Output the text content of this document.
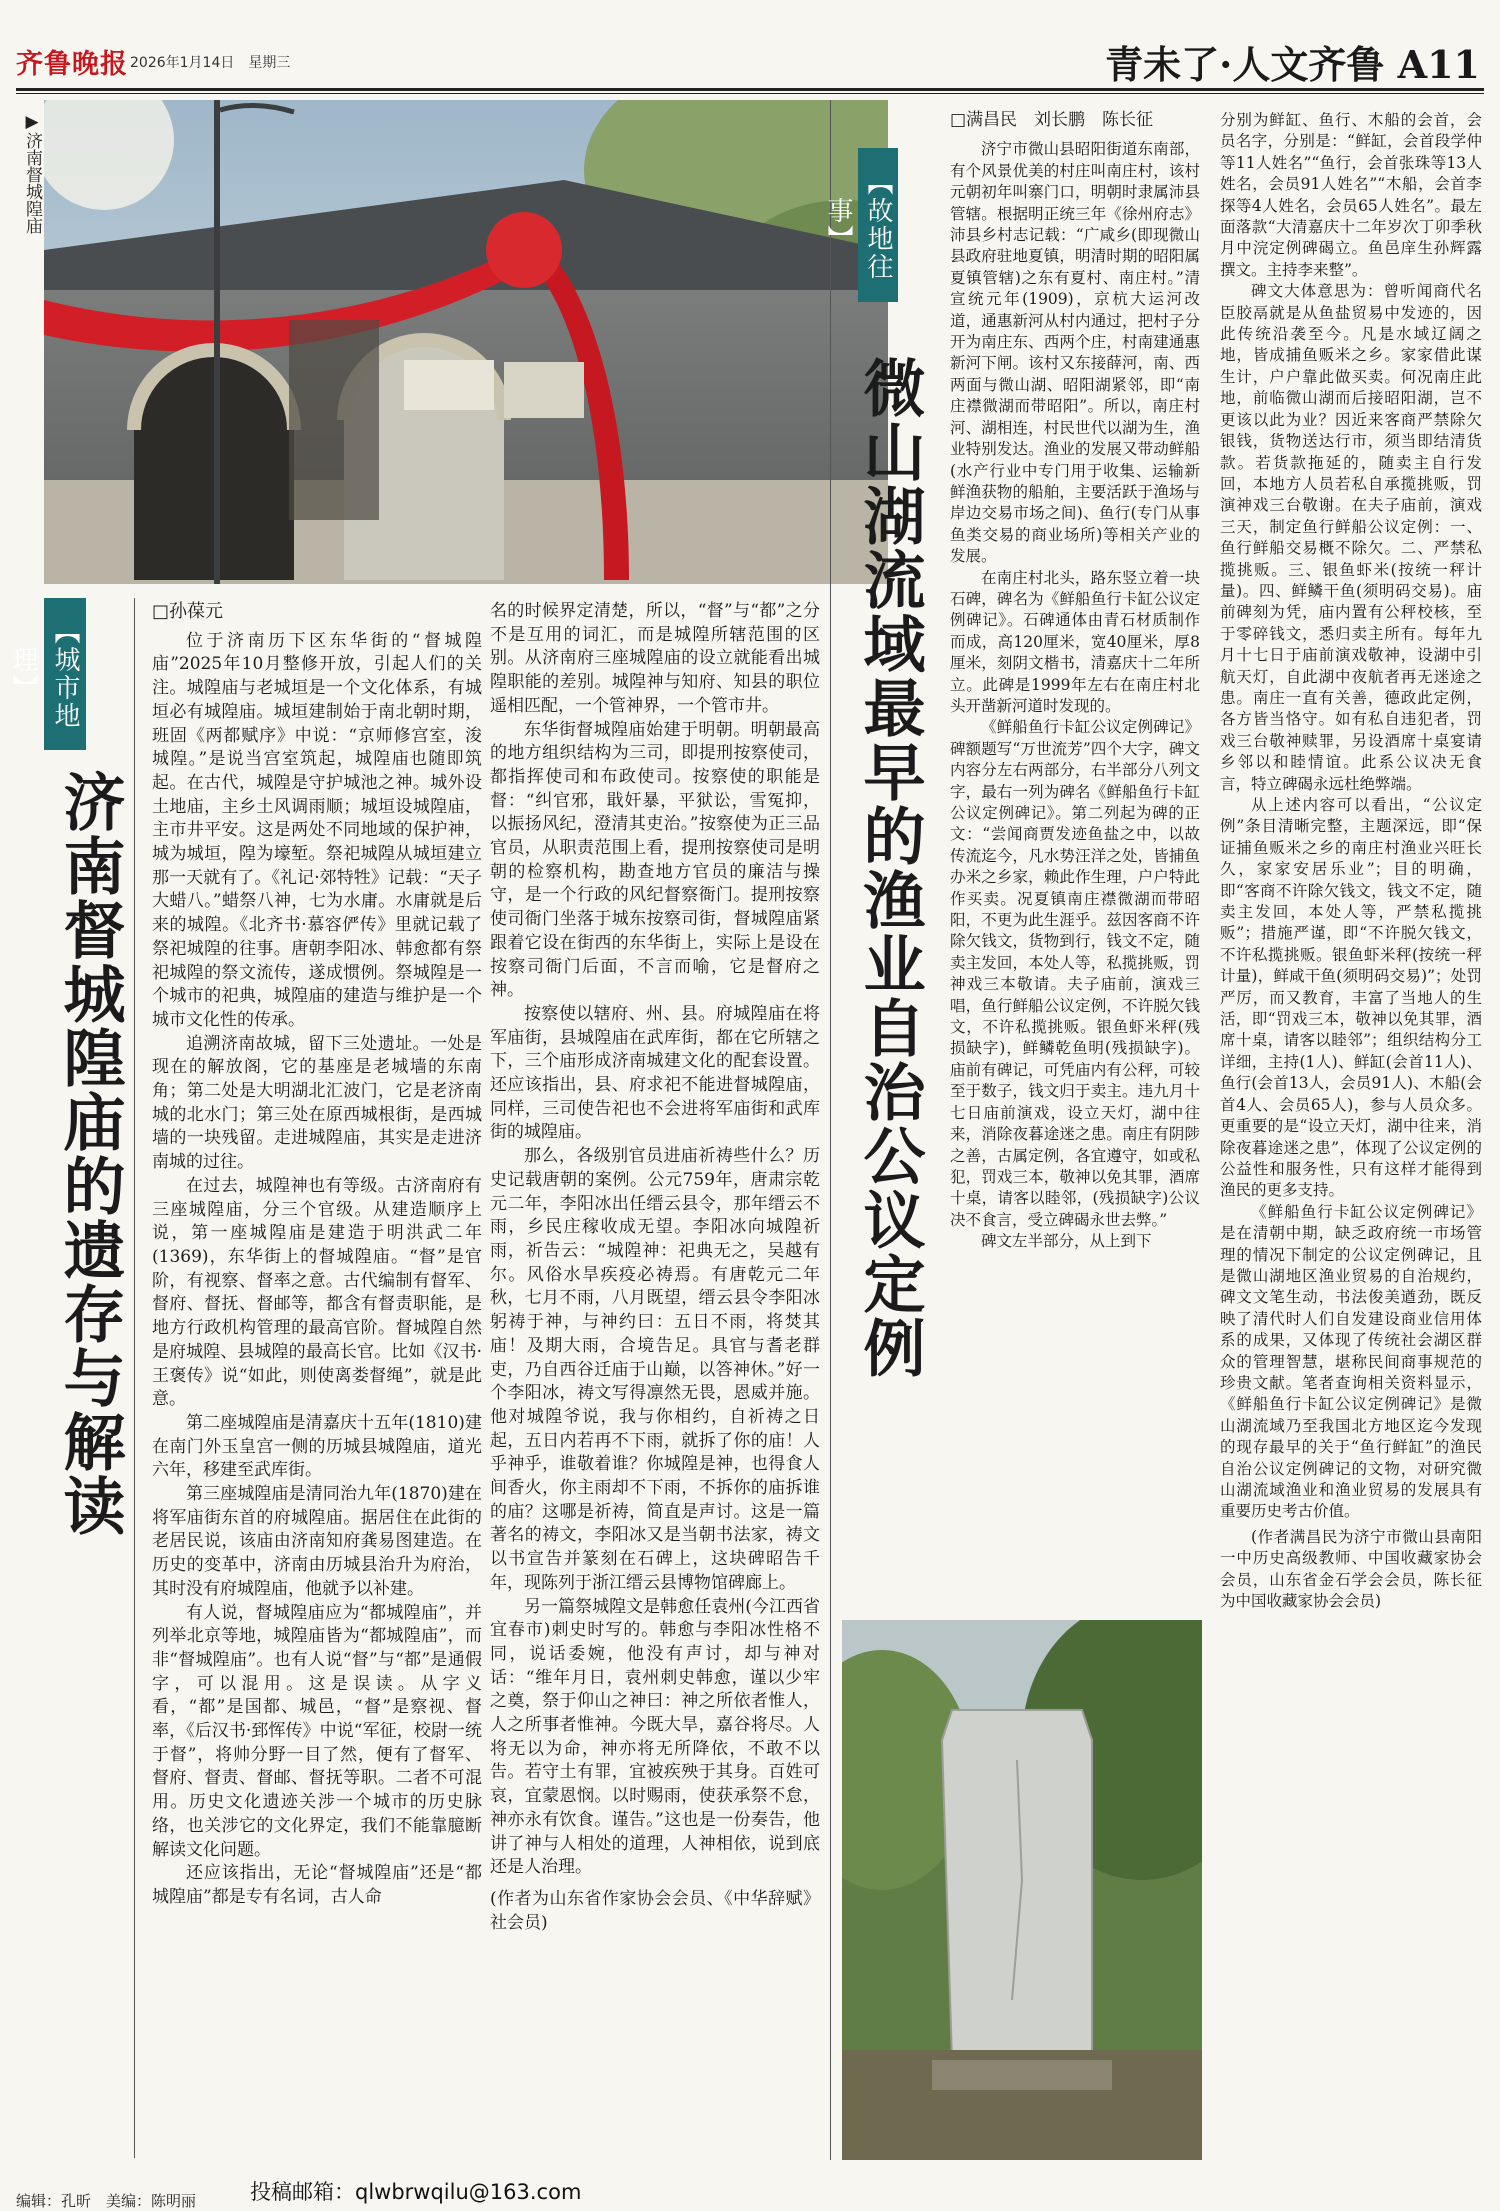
齐鲁晚报 2026年1月14日　星期三	青未了·人文齐鲁 A11
▶济南督城隍庙
【城市地理】
济南督城隍庙的遗存与解读

□孙葆元

位于济南历下区东华街的“督城隍庙”2025年10月整修开放，引起人们的关注。城隍庙与老城垣是一个文化体系，有城垣必有城隍庙。城垣建制始于南北朝时期，班固《两都赋序》中说：“京师修宫室，浚城隍。”是说当宫室筑起，城隍庙也随即筑起。在古代，城隍是守护城池之神。城外设土地庙，主乡土风调雨顺；城垣设城隍庙，主市井平安。这是两处不同地域的保护神，城为城垣，隍为壕堑。祭祀城隍从城垣建立那一天就有了。《礼记·郊特牲》记载：“天子大蜡八。”蜡祭八神，七为水庸。水庸就是后来的城隍。《北齐书·慕容俨传》里就记载了祭祀城隍的往事。唐朝李阳冰、韩愈都有祭祀城隍的祭文流传，遂成惯例。祭城隍是一个城市的祀典，城隍庙的建造与维护是一个城市文化性的传承。

追溯济南故城，留下三处遗址。一处是现在的解放阁，它的基座是老城墙的东南角；第二处是大明湖北汇波门，它是老济南城的北水门；第三处在原西城根街，是西城墙的一块残留。走进城隍庙，其实是走进济南城的过往。

在过去，城隍神也有等级。古济南府有三座城隍庙，分三个官级。从建造顺序上说，第一座城隍庙是建造于明洪武二年(1369)，东华街上的督城隍庙。“督”是官阶，有视察、督率之意。古代编制有督军、督府、督抚、督邮等，都含有督责职能，是地方行政机构管理的最高官阶。督城隍自然是府城隍、县城隍的最高长官。比如《汉书·王褒传》说“如此，则使离娄督绳”，就是此意。

第二座城隍庙是清嘉庆十五年(1810)建在南门外玉皇宫一侧的历城县城隍庙，道光六年，移建至武库街。

第三座城隍庙是清同治九年(1870)建在将军庙街东首的府城隍庙。据居住在此街的老居民说，该庙由济南知府龚易图建造。在历史的变革中，济南由历城县治升为府治，其时没有府城隍庙，他就予以补建。

有人说，督城隍庙应为“都城隍庙”，并列举北京等地，城隍庙皆为“都城隍庙”，而非“督城隍庙”。也有人说“督”与“都”是通假字，可以混用。这是误读。从字义看，“都”是国都、城邑，“督”是察视、督率，《后汉书·郅恽传》中说“军征，校尉一统于督”，将帅分野一目了然，便有了督军、督府、督责、督邮、督抚等职。二者不可混用。历史文化遗迹关涉一个城市的历史脉络，也关涉它的文化界定，我们不能靠臆断解读文化问题。

还应该指出，无论“督城隍庙”还是“都城隍庙”都是专有名词，古人命

名的时候界定清楚，所以，“督”与“都”之分不是互用的词汇，而是城隍所辖范围的区别。从济南府三座城隍庙的设立就能看出城隍职能的差别。城隍神与知府、知县的职位遥相匹配，一个管神界，一个管市井。

东华街督城隍庙始建于明朝。明朝最高的地方组织结构为三司，即提刑按察使司，都指挥使司和布政使司。按察使的职能是督：“纠官邪，戢奸暴，平狱讼，雪冤抑，以振扬风纪，澄清其吏治。”按察使为正三品官员，从职责范围上看，提刑按察使司是明朝的检察机构，勘查地方官员的廉洁与操守，是一个行政的风纪督察衙门。提刑按察使司衙门坐落于城东按察司街，督城隍庙紧跟着它设在街西的东华街上，实际上是设在按察司衙门后面，不言而喻，它是督府之神。

按察使以辖府、州、县。府城隍庙在将军庙街，县城隍庙在武库街，都在它所辖之下，三个庙形成济南城建文化的配套设置。还应该指出，县、府求祀不能进督城隍庙，同样，三司使告祀也不会进将军庙街和武库街的城隍庙。

那么，各级别官员进庙祈祷些什么？历史记载唐朝的案例。公元759年，唐肃宗乾元二年，李阳冰出任缙云县令，那年缙云不雨，乡民庄稼收成无望。李阳冰向城隍祈雨，祈告云：“城隍神：祀典无之，吴越有尔。风俗水旱疾疫必祷焉。有唐乾元二年秋，七月不雨，八月既望，缙云县令李阳冰躬祷于神，与神约曰：五日不雨，将焚其庙！及期大雨，合境告足。具官与耆老群吏，乃自西谷迁庙于山巅，以答神休。”好一个李阳冰，祷文写得凛然无畏，恩威并施。他对城隍爷说，我与你相约，自祈祷之日起，五日内若再不下雨，就拆了你的庙！人乎神乎，谁敬着谁？你城隍是神，也得食人间香火，你主雨却不下雨，不拆你的庙拆谁的庙？这哪是祈祷，简直是声讨。这是一篇著名的祷文，李阳冰又是当朝书法家，祷文以书宣告并篆刻在石碑上，这块碑昭告千年，现陈列于浙江缙云县博物馆碑廊上。

另一篇祭城隍文是韩愈任袁州(今江西省宜春市)刺史时写的。韩愈与李阳冰性格不同，说话委婉，他没有声讨，却与神对话：“维年月日，袁州刺史韩愈，谨以少牢之奠，祭于仰山之神曰：神之所依者惟人，人之所事者惟神。今既大旱，嘉谷将尽。人将无以为命，神亦将无所降依，不敢不以告。若守土有罪，宜被疾殃于其身。百姓可哀，宜蒙恩悯。以时赐雨，使获承祭不怠，神亦永有饮食。谨告。”这也是一份奏告，他讲了神与人相处的道理，人神相依，说到底还是人治理。

(作者为山东省作家协会会员、《中华辞赋》社会员)

【故地往事】
微山湖流域最早的渔业自治公议定例

□满昌民　刘长鹏　陈长征

济宁市微山县昭阳街道东南部，有个风景优美的村庄叫南庄村，该村元朝初年叫寨门口，明朝时隶属沛县管辖。根据明正统三年《徐州府志》沛县乡村志记载：“广咸乡(即现微山县政府驻地夏镇，明清时期的昭阳属夏镇管辖)之东有夏村、南庄村。”清宣统元年(1909)，京杭大运河改道，通惠新河从村内通过，把村子分开为南庄东、西两个庄，村南建通惠新河下闸。该村又东接薛河，南、西两面与微山湖、昭阳湖紧邻，即“南庄襟微湖而带昭阳”。所以，南庄村河、湖相连，村民世代以湖为生，渔业特别发达。渔业的发展又带动鲜船(水产行业中专门用于收集、运输新鲜渔获物的船舶，主要活跃于渔场与岸边交易市场之间)、鱼行(专门从事鱼类交易的商业场所)等相关产业的发展。

在南庄村北头，路东竖立着一块石碑，碑名为《鲜船鱼行卡缸公议定例碑记》。石碑通体由青石材质制作而成，高120厘米，宽40厘米，厚8厘米，刻阴文楷书，清嘉庆十二年所立。此碑是1999年左右在南庄村北头开凿新河道时发现的。

《鲜船鱼行卡缸公议定例碑记》碑额题写“万世流芳”四个大字，碑文内容分左右两部分，右半部分八列文字，最右一列为碑名《鲜船鱼行卡缸公议定例碑记》。第二列起为碑的正文：“尝闻商贾发迹鱼盐之中，以故传流迄今，凡水势汪洋之处，皆捕鱼办米之乡家，赖此作生理，户户特此作买卖。况夏镇南庄襟微湖而带昭阳，不更为此生涯乎。兹因客商不许除欠钱文，货物到行，钱文不定，随卖主发回，本处人等，私揽挑贩，罚神戏三本敬请。夫子庙前，演戏三唱，鱼行鲜船公议定例，不许脱欠钱文，不许私揽挑贩。银鱼虾米秤(残损缺字)，鲜鳞乾鱼明(残损缺字)。庙前有碑记，可凭庙内有公秤，可较至于数子，钱文归于卖主。违九月十七日庙前演戏，设立天灯，湖中往来，消除夜暮途迷之患。南庄有阴陟之善，古属定例，各宜遵守，如或私犯，罚戏三本，敬神以免其罪，酒席十桌，请客以睦邻，(残损缺字)公议决不食言，受立碑碣永世去弊。”

碑文左半部分，从上到下

分别为鲜缸、鱼行、木船的会首，会员名字，分别是：“鲜缸，会首段学仲等11人姓名”“鱼行，会首张珠等13人姓名，会员91人姓名”“木船，会首李探等4人姓名，会员65人姓名”。最左面落款“大清嘉庆十二年岁次丁卯季秋月中浣定例碑碣立。鱼邑庠生孙辉露撰文。主持李来整”。

碑文大体意思为：曾听闻商代名臣胶鬲就是从鱼盐贸易中发迹的，因此传统沿袭至今。凡是水域辽阔之地，皆成捕鱼贩米之乡。家家借此谋生计，户户靠此做买卖。何况南庄此地，前临微山湖而后接昭阳湖，岂不更该以此为业？因近来客商严禁除欠银钱，货物送达行市，须当即结清货款。若货款拖延的，随卖主自行发回，本地方人员若私自承揽挑贩，罚演神戏三台敬谢。在夫子庙前，演戏三天，制定鱼行鲜船公议定例：一、鱼行鲜船交易概不除欠。二、严禁私揽挑贩。三、银鱼虾米(按统一秤计量)。四、鲜鳞干鱼(须明码交易)。庙前碑刻为凭，庙内置有公秤校核，至于零碎钱文，悉归卖主所有。每年九月十七日于庙前演戏敬神，设湖中引航天灯，自此湖中夜航者再无迷途之患。南庄一直有关善，德政此定例，各方皆当恪守。如有私自违犯者，罚戏三台敬神赎罪，另设酒席十桌宴请乡邻以和睦情谊。此系公议决无食言，特立碑碣永远杜绝弊端。

从上述内容可以看出，“公议定例”条目清晰完整，主题深远，即“保证捕鱼贩米之乡的南庄村渔业兴旺长久，家家安居乐业”；目的明确，即“客商不许除欠钱文，钱文不定，随卖主发回，本处人等，严禁私揽挑贩”；措施严谨，即“不许脱欠钱文，不许私揽挑贩。银鱼虾米秤(按统一秤计量)，鲜咸干鱼(须明码交易)”；处罚严厉，而又教育，丰富了当地人的生活，即“罚戏三本，敬神以免其罪，酒席十桌，请客以睦邻”；组织结构分工详细，主持(1人)、鲜缸(会首11人)、鱼行(会首13人，会员91人)、木船(会首4人、会员65人)，参与人员众多。更重要的是“设立天灯，湖中往来，消除夜暮途迷之患”，体现了公议定例的公益性和服务性，只有这样才能得到渔民的更多支持。

《鲜船鱼行卡缸公议定例碑记》是在清朝中期，缺乏政府统一市场管理的情况下制定的公议定例碑记，且是微山湖地区渔业贸易的自治规约，碑文文笔生动，书法俊美遒劲，既反映了清代时人们自发建设商业信用体系的成果，又体现了传统社会湖区群众的管理智慧，堪称民间商事规范的珍贵文献。笔者查询相关资料显示，《鲜船鱼行卡缸公议定例碑记》是微山湖流域乃至我国北方地区迄今发现的现存最早的关于“鱼行鲜缸”的渔民自治公议定例碑记的文物，对研究微山湖流域渔业和渔业贸易的发展具有重要历史考古价值。

(作者满昌民为济宁市微山县南阳一中历史高级教师、中国收藏家协会会员，山东省金石学会会员，陈长征为中国收藏家协会会员)

投稿邮箱：qlwbrwqilu@163.com
编辑：孔昕　美编：陈明丽
